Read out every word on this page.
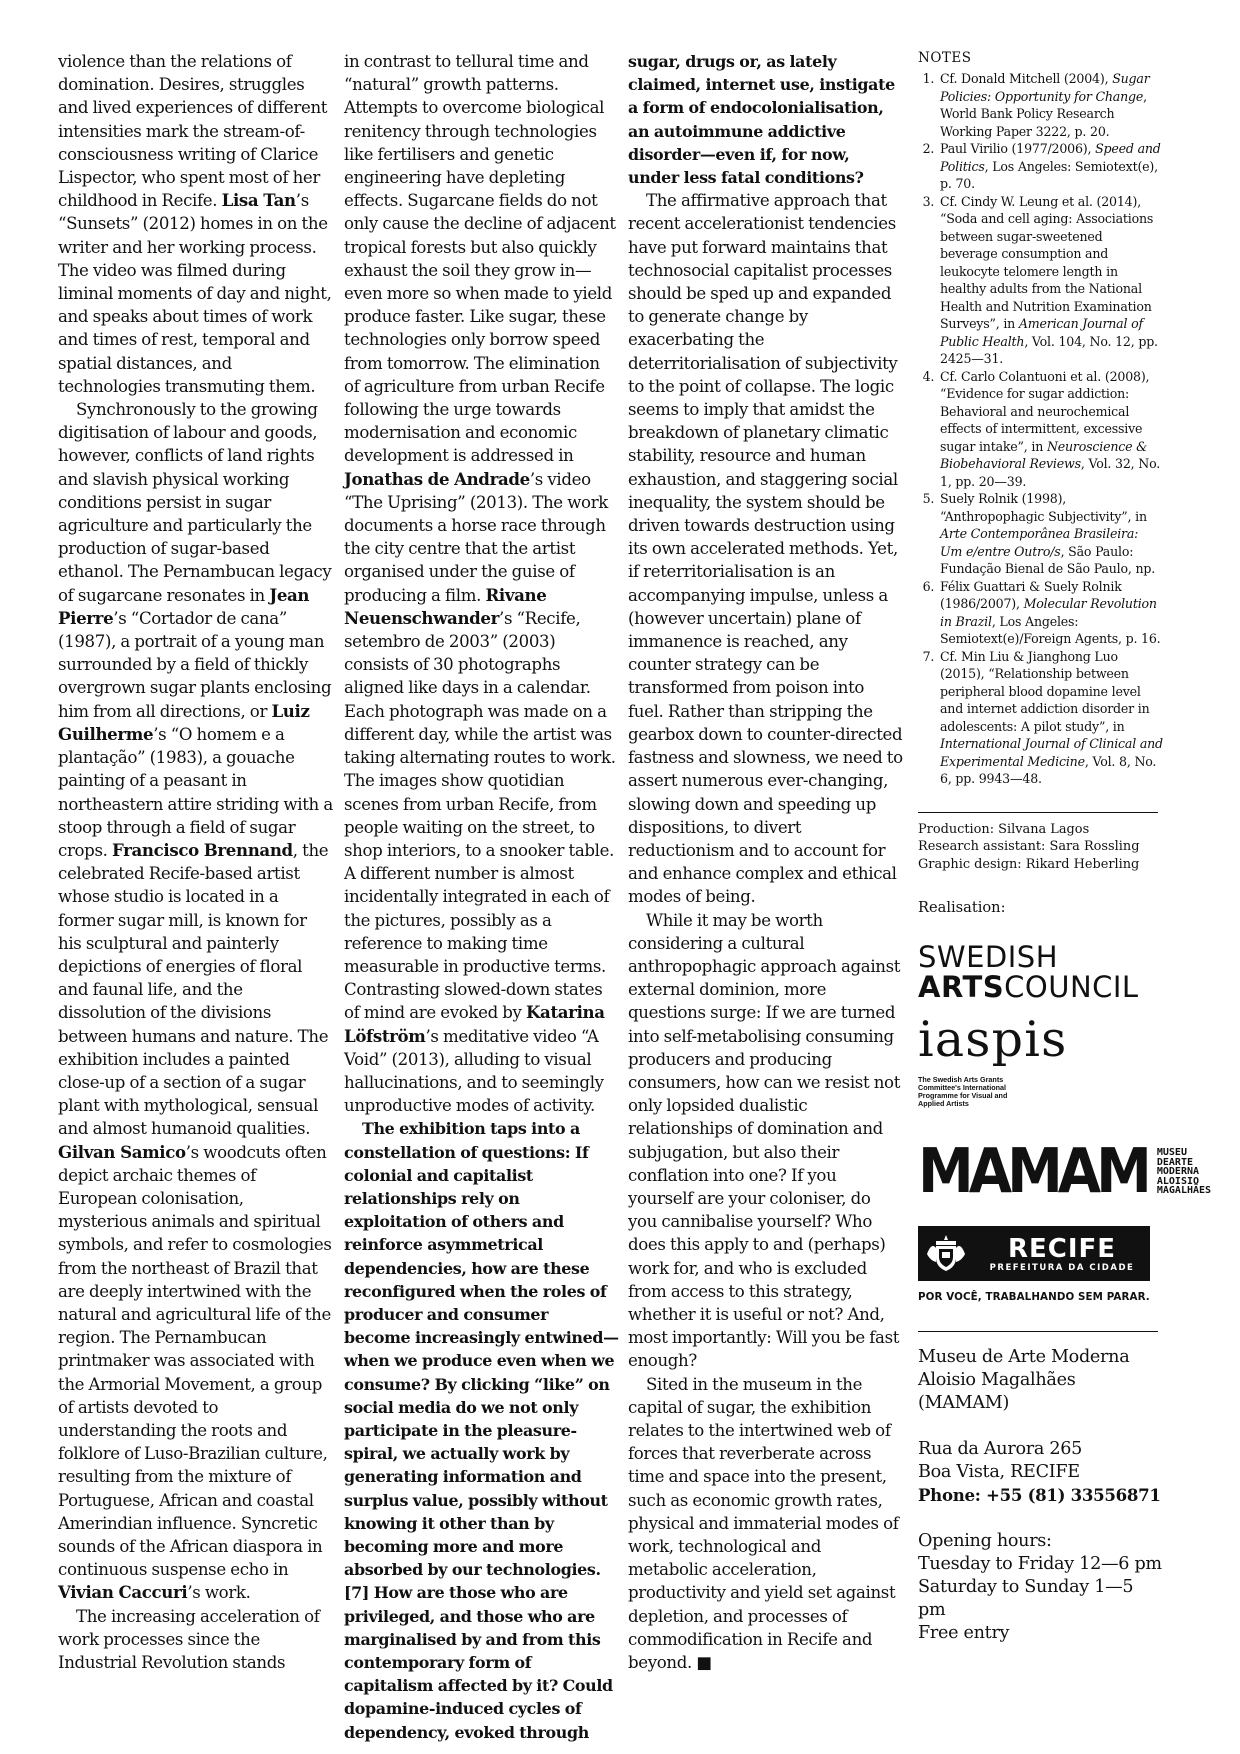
violence than the relations of domination. Desires, struggles and lived experiences of different intensities mark the stream-of-consciousness writing of Clarice Lispector, who spent most of her childhood in Recife. Lisa Tan’s “Sunsets” (2012) homes in on the writer and her working process. The video was filmed during liminal moments of day and night, and speaks about times of work and times of rest, temporal and spatial distances, and technologies transmuting them.

Synchronously to the growing digitisation of labour and goods, however, conflicts of land rights and slavish physical working conditions persist in sugar agriculture and particularly the production of sugar-based ethanol. The Pernambucan legacy of sugarcane resonates in Jean Pierre’s “Cortador de cana” (1987), a portrait of a young man surrounded by a field of thickly overgrown sugar plants enclosing him from all directions, or Luiz Guilherme’s “O homem e a plantação” (1983), a gouache painting of a peasant in northeastern attire striding with a stoop through a field of sugar crops. Francisco Brennand, the celebrated Recife-based artist whose studio is located in a former sugar mill, is known for his sculptural and painterly depictions of energies of floral and faunal life, and the dissolution of the divisions between humans and nature. The exhibition includes a painted close-up of a section of a sugar plant with mythological, sensual and almost humanoid qualities. Gilvan Samico’s woodcuts often depict archaic themes of European colonisation, mysterious animals and spiritual symbols, and refer to cosmologies from the northeast of Brazil that are deeply intertwined with the natural and agricultural life of the region. The Pernambucan printmaker was associated with the Armorial Movement, a group of artists devoted to understanding the roots and folklore of Luso-Brazilian culture, resulting from the mixture of Portuguese, African and coastal Amerindian influence. Syncretic sounds of the African diaspora in continuous suspense echo in Vivian Caccuri’s work.

The increasing acceleration of work processes since the Industrial Revolution stands

in contrast to tellural time and “natural” growth patterns. Attempts to overcome biological renitency through technologies like fertilisers and genetic engineering have depleting effects. Sugarcane fields do not only cause the decline of adjacent tropical forests but also quickly exhaust the soil they grow in—even more so when made to yield produce faster. Like sugar, these technologies only borrow speed from tomorrow. The elimination of agriculture from urban Recife following the urge towards modernisation and economic development is addressed in Jonathas de Andrade’s video “The Uprising” (2013). The work documents a horse race through the city centre that the artist organised under the guise of producing a film. Rivane Neuenschwander’s “Recife, setembro de 2003” (2003) consists of 30 photographs aligned like days in a calendar. Each photograph was made on a different day, while the artist was taking alternating routes to work. The images show quotidian scenes from urban Recife, from people waiting on the street, to shop interiors, to a snooker table. A different number is almost incidentally integrated in each of the pictures, possibly as a reference to making time measurable in productive terms. Contrasting slowed-down states of mind are evoked by Katarina Löfström’s meditative video “A Void” (2013), alluding to visual hallucinations, and to seemingly unproductive modes of activity.

The exhibition taps into a constellation of questions: If colonial and capitalist relationships rely on exploitation of others and reinforce asymmetrical dependencies, how are these reconfigured when the roles of producer and consumer become increasingly entwined—when we produce even when we consume? By clicking “like” on social media do we not only participate in the pleasure-spiral, we actually work by generating information and surplus value, possibly without knowing it other than by becoming more and more absorbed by our technologies.[7] How are those who are privileged, and those who are marginalised by and from this contemporary form of capitalism affected by it? Could dopamine-induced cycles of dependency, evoked through

sugar, drugs or, as lately claimed, internet use, instigate a form of endocolonialisation, an autoimmune addictive disorder—even if, for now, under less fatal conditions?

The affirmative approach that recent accelerationist tendencies have put forward maintains that technosocial capitalist processes should be sped up and expanded to generate change by exacerbating the deterritorialisation of subjectivity to the point of collapse. The logic seems to imply that amidst the breakdown of planetary climatic stability, resource and human exhaustion, and staggering social inequality, the system should be driven towards destruction using its own accelerated methods. Yet, if reterritorialisation is an accompanying impulse, unless a (however uncertain) plane of immanence is reached, any counter strategy can be transformed from poison into fuel. Rather than stripping the gearbox down to counter-directed fastness and slowness, we need to assert numerous ever-changing, slowing down and speeding up dispositions, to divert reductionism and to account for and enhance complex and ethical modes of being.

While it may be worth considering a cultural anthropophagic approach against external dominion, more questions surge: If we are turned into self-metabolising consuming producers and producing consumers, how can we resist not only lopsided dualistic relationships of domination and subjugation, but also their conflation into one? If you yourself are your coloniser, do you cannibalise yourself? Who does this apply to and (perhaps) work for, and who is excluded from access to this strategy, whether it is useful or not? And, most importantly: Will you be fast enough?

Sited in the museum in the capital of sugar, the exhibition relates to the intertwined web of forces that reverberate across time and space into the present, such as economic growth rates, physical and immaterial modes of work, technological and metabolic acceleration, productivity and yield set against depletion, and processes of commodification in Recife and beyond. ■

NOTES
1. Cf. Donald Mitchell (2004), Sugar Policies: Opportunity for Change, World Bank Policy Research Working Paper 3222, p. 20.
2. Paul Virilio (1977/2006), Speed and Politics, Los Angeles: Semiotext(e), p. 70.
3. Cf. Cindy W. Leung et al. (2014), “Soda and cell aging: Associations between sugar-sweetened beverage consumption and leukocyte telomere length in healthy adults from the National Health and Nutrition Examination Surveys”, in American Journal of Public Health, Vol. 104, No. 12, pp. 2425—31.
4. Cf. Carlo Colantuoni et al. (2008), “Evidence for sugar addiction: Behavioral and neurochemical effects of intermittent, excessive sugar intake”, in Neuroscience & Biobehavioral Reviews, Vol. 32, No. 1, pp. 20—39.
5. Suely Rolnik (1998), “Anthropophagic Subjectivity”, in Arte Contemporânea Brasileira: Um e/entre Outro/s, São Paulo: Fundação Bienal de São Paulo, np.
6. Félix Guattari & Suely Rolnik (1986/2007), Molecular Revolution in Brazil, Los Angeles: Semiotext(e)/Foreign Agents, p. 16.
7. Cf. Min Liu & Jianghong Luo (2015), “Relationship between peripheral blood dopamine level and internet addiction disorder in adolescents: A pilot study”, in International Journal of Clinical and Experimental Medicine, Vol. 8, No. 6, pp. 9943—48.
Production: Silvana Lagos
Research assistant: Sara Rossling
Graphic design: Rikard Heberling
Realisation:
SWEDISH
ARTSCOUNCIL
iaspis
The Swedish Arts Grants Committee's International Programme for Visual and Applied Artists
MAMAM MUSEU
DEARTE
MODERNA
ALOISIO
MAGALHÃES
RECIFE
PREFEITURA DA CIDADE
POR VOCÊ, TRABALHANDO SEM PARAR.
Museu de Arte Moderna
Aloisio Magalhães
(MAMAM)
Rua da Aurora 265
Boa Vista, RECIFE
Phone: +55 (81) 33556871
Opening hours:
Tuesday to Friday 12—6 pm
Saturday to Sunday 1—5 pm
Free entry
